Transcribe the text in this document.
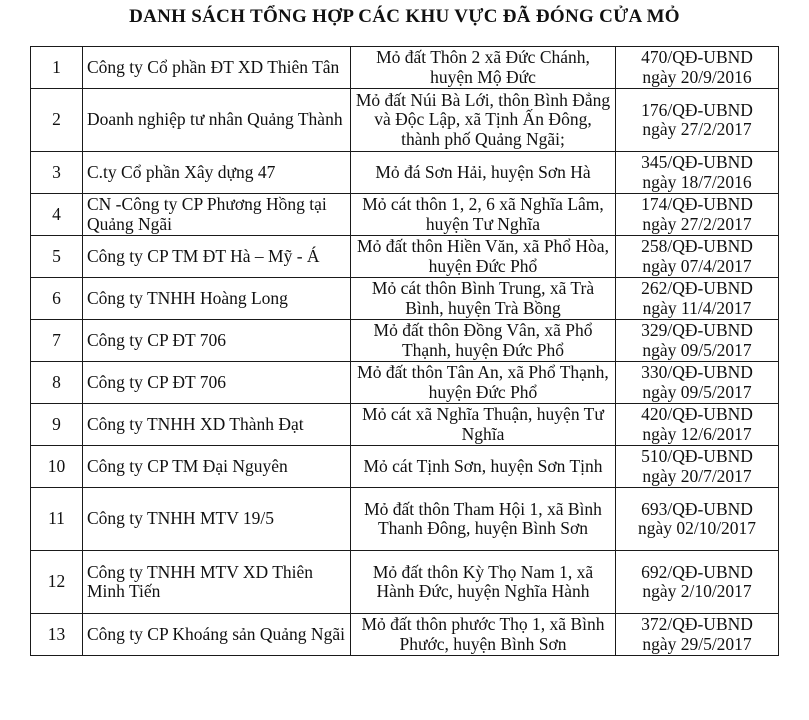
DANH SÁCH TỔNG HỢP CÁC KHU VỰC ĐÃ ĐÓNG CỬA MỎ
1	Công ty Cổ phần ĐT XD Thiên Tân	Mỏ đất Thôn 2 xã Đức Chánh, huyện Mộ Đức	470/QĐ-UBND
ngày 20/9/2016

2	Doanh nghiệp tư nhân Quảng Thành	Mỏ đất Núi Bà Lới, thôn Bình Đẳng và Độc Lập, xã Tịnh Ấn Đông, thành phố Quảng Ngãi;	176/QĐ-UBND
ngày 27/2/2017

3	C.ty Cổ phần Xây dựng 47	Mỏ đá Sơn Hải, huyện Sơn Hà	345/QĐ-UBND
ngày 18/7/2016

4	CN -Công ty CP Phương Hồng tại Quảng Ngãi	Mỏ cát thôn 1, 2, 6 xã Nghĩa Lâm, huyện Tư Nghĩa	174/QĐ-UBND
ngày 27/2/2017

5	Công ty CP TM ĐT Hà – Mỹ - Á	Mỏ đất thôn Hiền Văn, xã Phổ Hòa, huyện Đức Phổ	258/QĐ-UBND
ngày 07/4/2017

6	Công ty TNHH Hoàng Long	Mỏ cát thôn Bình Trung, xã Trà Bình, huyện Trà Bồng	262/QĐ-UBND
ngày 11/4/2017

7	Công ty CP ĐT 706	Mỏ đất thôn Đồng Vân, xã Phổ Thạnh, huyện Đức Phổ	329/QĐ-UBND
ngày 09/5/2017

8	Công ty CP ĐT 706	Mỏ đất thôn Tân An, xã Phổ Thạnh, huyện Đức Phổ	330/QĐ-UBND
ngày 09/5/2017

9	Công ty TNHH XD Thành Đạt	Mỏ cát xã Nghĩa Thuận, huyện Tư Nghĩa	420/QĐ-UBND
ngày 12/6/2017

10	Công ty CP TM Đại Nguyên	Mỏ cát Tịnh Sơn, huyện Sơn Tịnh	510/QĐ-UBND
ngày 20/7/2017

11	Công ty TNHH MTV 19/5	Mỏ đất thôn Tham Hội 1, xã Bình Thanh Đông, huyện Bình Sơn	693/QĐ-UBND
ngày 02/10/2017

12	Công ty TNHH MTV XD Thiên Minh Tiến	Mỏ đất thôn Kỳ Thọ Nam 1, xã Hành Đức, huyện Nghĩa Hành	692/QĐ-UBND
ngày 2/10/2017

13	Công ty CP Khoáng sản Quảng Ngãi	Mỏ đất thôn phước Thọ 1, xã Bình Phước, huyện Bình Sơn	372/QĐ-UBND
ngày 29/5/2017
